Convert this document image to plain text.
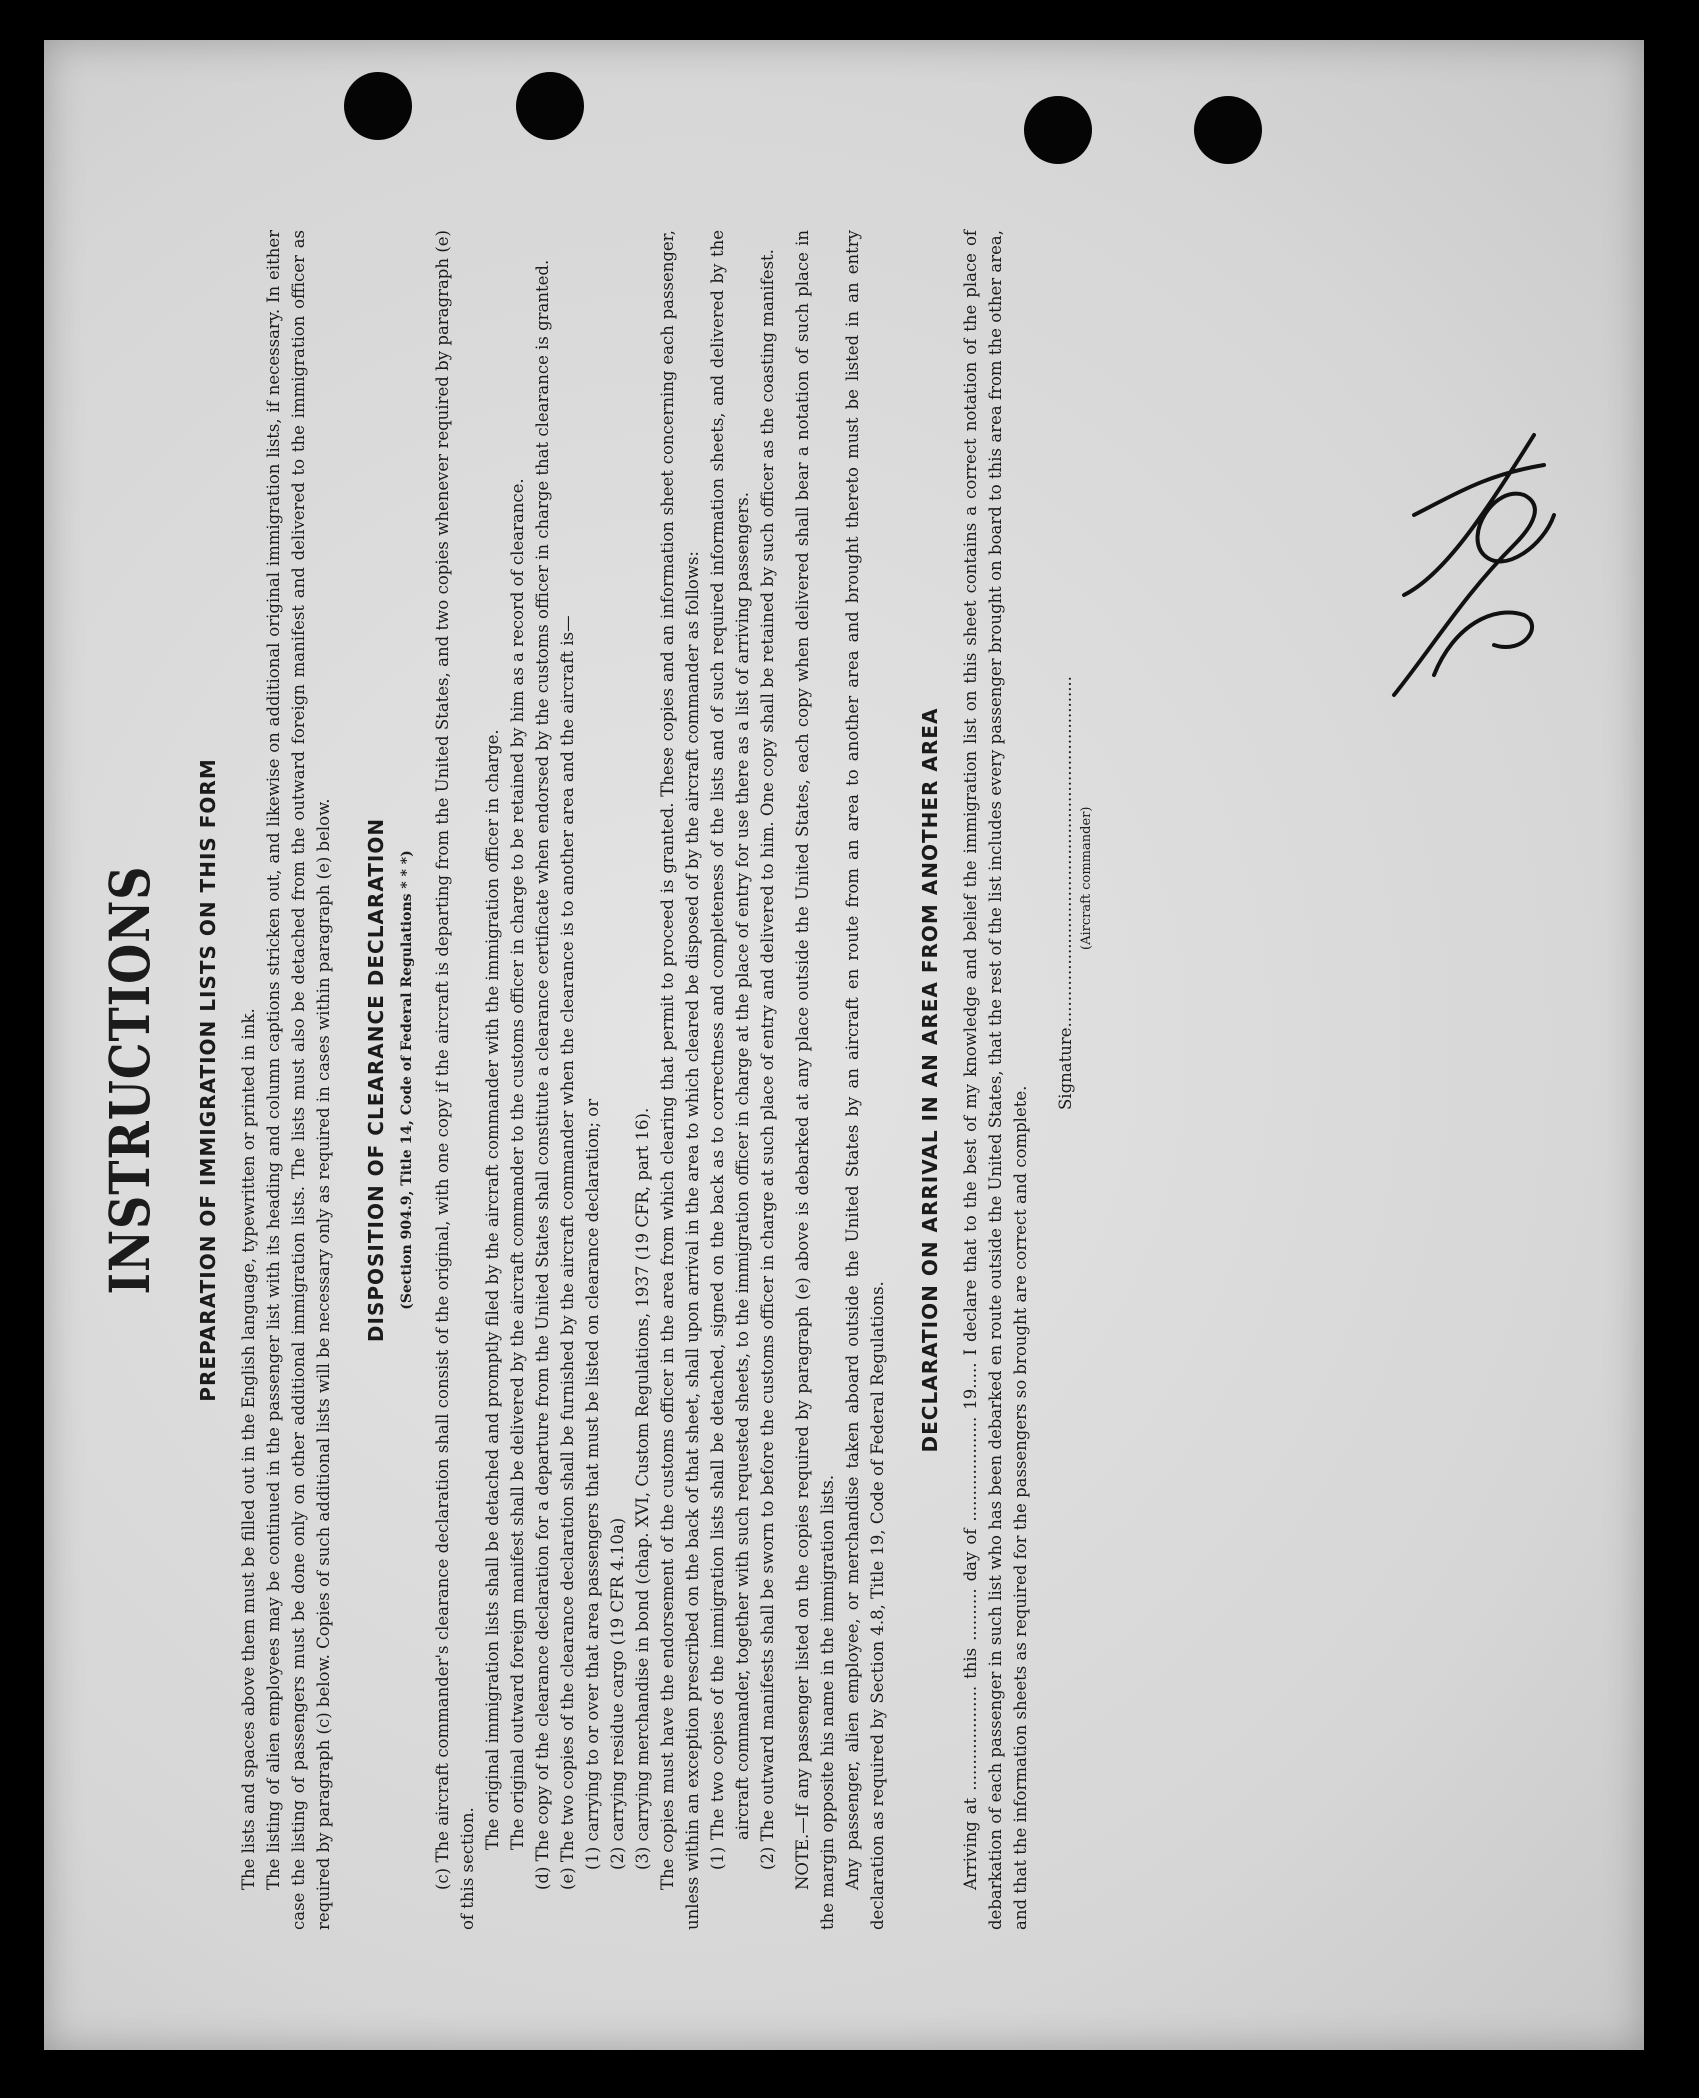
INSTRUCTIONS PREPARATION OF IMMIGRATION LISTS ON THIS FORM The lists and spaces above them must be filled out in the English language, typewritten or printed in ink. The listing of alien employees may be continued in the passenger list with its heading and column captions stricken out, and likewise on additional original immigration lists, if necessary. In either case the listing of passengers must be done only on other additional immigration lists. The lists must also be detached from the outward foreign manifest and delivered to the immigration officer as required by paragraph (c) below. Copies of such additional lists will be necessary only as required in cases within paragraph (e) below. DISPOSITION OF CLEARANCE DECLARATION (Section 904.9, Title 14, Code of Federal Regulations * * *) (c) The aircraft commander's clearance declaration shall consist of the original, with one copy if the aircraft is departing from the United States, and two copies whenever required by paragraph (e) of this section.

The original immigration lists shall be detached and promptly filed by the aircraft commander with the immigration officer in charge. The original outward foreign manifest shall be delivered by the aircraft commander to the customs officer in charge to be retained by him as a record of clearance. (d) The copy of the clearance declaration for a departure from the United States shall constitute a clearance certificate when endorsed by the customs officer in charge that clearance is granted. (e) The two copies of the clearance declaration shall be furnished by the aircraft commander when the clearance is to another area and the aircraft is— (1) carrying to or over that area passengers that must be listed on clearance declaration; or (2) carrying residue cargo (19 CFR 4.10a) (3) carrying merchandise in bond (chap. XVI, Custom Regulations, 1937 (19 CFR, part 16). The copies must have the endorsement of the customs officer in the area from which clearing that permit to proceed is granted. These copies and an information sheet concerning each passenger, unless within an exception prescribed on the back of that sheet, shall upon arrival in the area to which cleared be disposed of by the aircraft commander as follows: (1) The two copies of the immigration lists shall be detached, signed on the back as to correctness and completeness of the lists and of such required information sheets, and delivered by the aircraft commander, together with such requested sheets, to the immigration officer in charge at the place of entry for use there as a list of arriving passengers. (2) The outward manifests shall be sworn to before the customs officer in charge at such place of entry and delivered to him. One copy shall be retained by such officer as the coasting manifest. NOTE.—If any passenger listed on the copies required by paragraph (e) above is debarked at any place outside the United States, each copy when delivered shall bear a notation of such place in the margin opposite his name in the immigration lists. Any passenger, alien employee, or merchandise taken aboard outside the United States by an aircraft en route from an area to another area and brought thereto must be listed in an entry declaration as required by Section 4.8, Title 19, Code of Federal Regulations.

DECLARATION ON ARRIVAL IN AN AREA FROM ANOTHER AREA Arriving at .................... this .......... day of .................... 19..... I declare that to the best of my knowledge and belief the immigration list on this sheet contains a correct notation of the place of debarkation of each passenger in such list who has been debarked en route outside the United States, that the rest of the list includes every passenger brought on board to this area from the other area, and that the information sheets as required for the passengers so brought are correct and complete.

Signature................................................................... (Aircraft commander)
